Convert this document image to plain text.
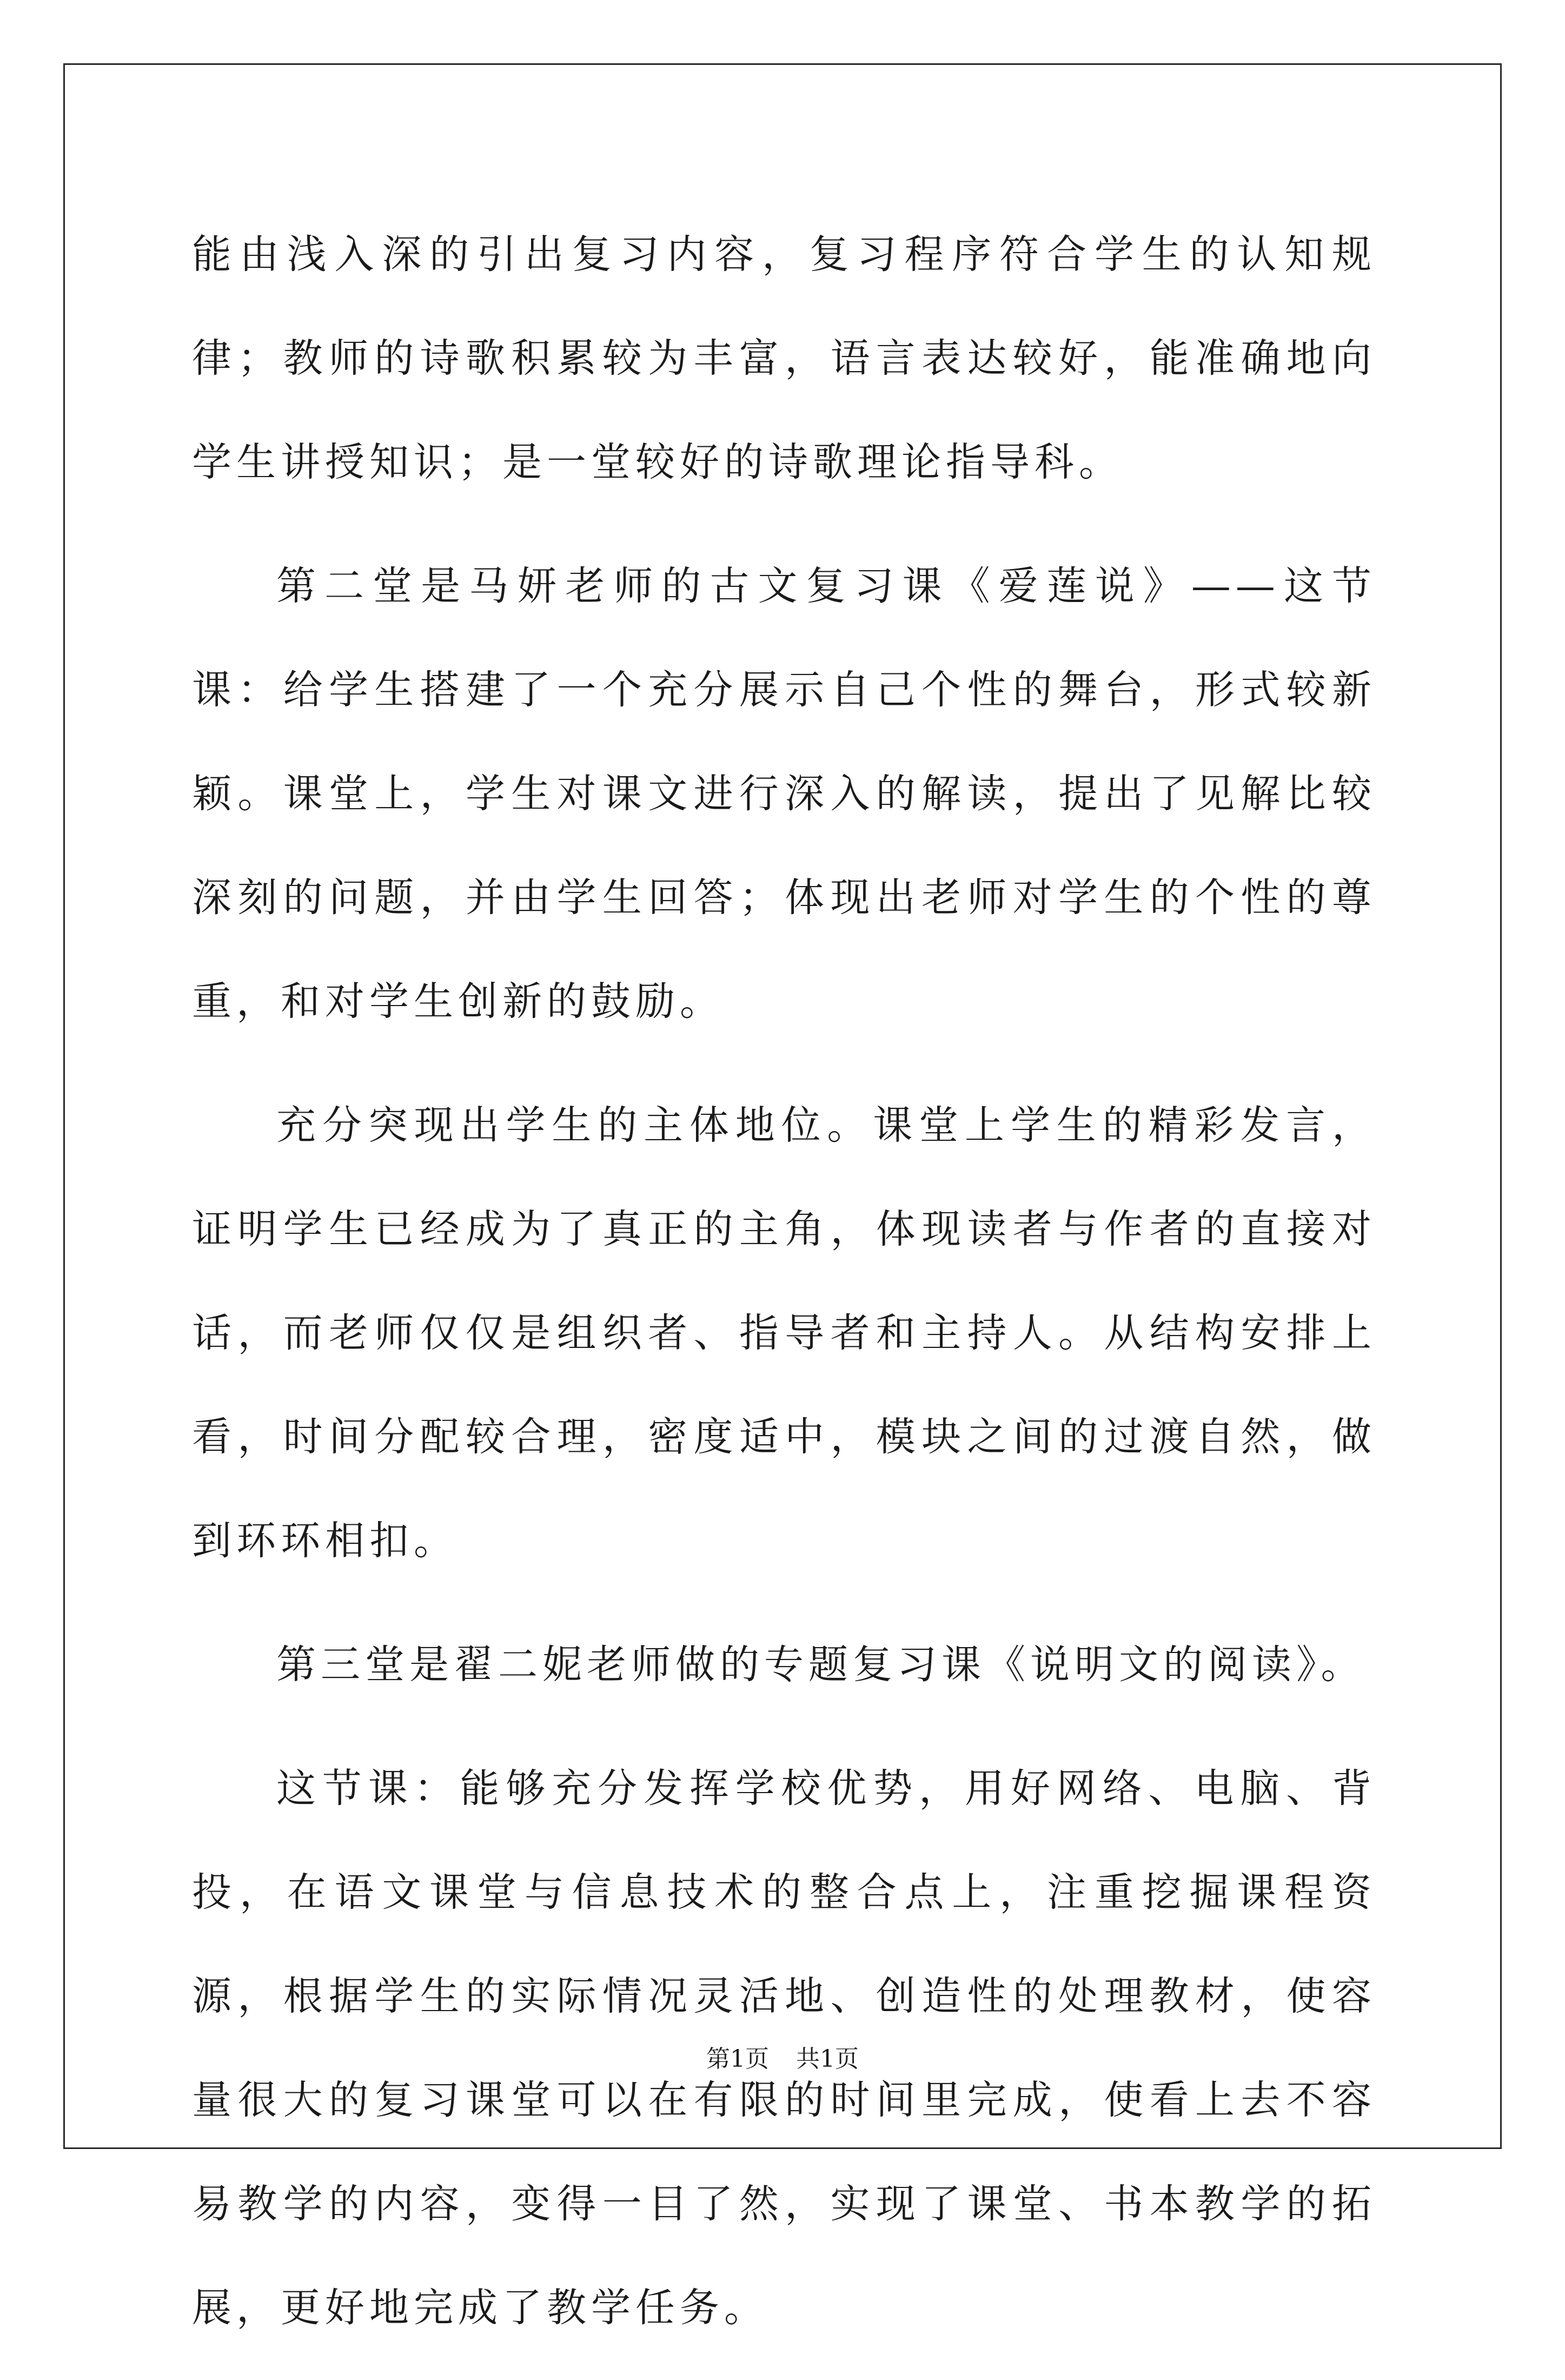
能由浅入深的引出复习内容，复习程序符合学生的认知规律；教师的诗歌积累较为丰富，语言表达较好，能准确地向学生讲授知识；是一堂较好的诗歌理论指导科。

第二堂是马妍老师的古文复习课《爱莲说》——这节课：给学生搭建了一个充分展示自己个性的舞台，形式较新颖。课堂上，学生对课文进行深入的解读，提出了见解比较深刻的问题，并由学生回答；体现出老师对学生的个性的尊重，和对学生创新的鼓励。

充分突现出学生的主体地位。课堂上学生的精彩发言，证明学生已经成为了真正的主角，体现读者与作者的直接对话，而老师仅仅是组织者、指导者和主持人。从结构安排上看，时间分配较合理，密度适中，模块之间的过渡自然，做到环环相扣。

第三堂是翟二妮老师做的专题复习课《说明文的阅读》。

这节课：能够充分发挥学校优势，用好网络、电脑、背投，在语文课堂与信息技术的整合点上，注重挖掘课程资源，根据学生的实际情况灵活地、创造性的处理教材，使容量很大的复习课堂可以在有限的时间里完成，使看上去不容易教学的内容，变得一目了然，实现了课堂、书本教学的拓展，更好地完成了教学任务。

第1页 共1页
